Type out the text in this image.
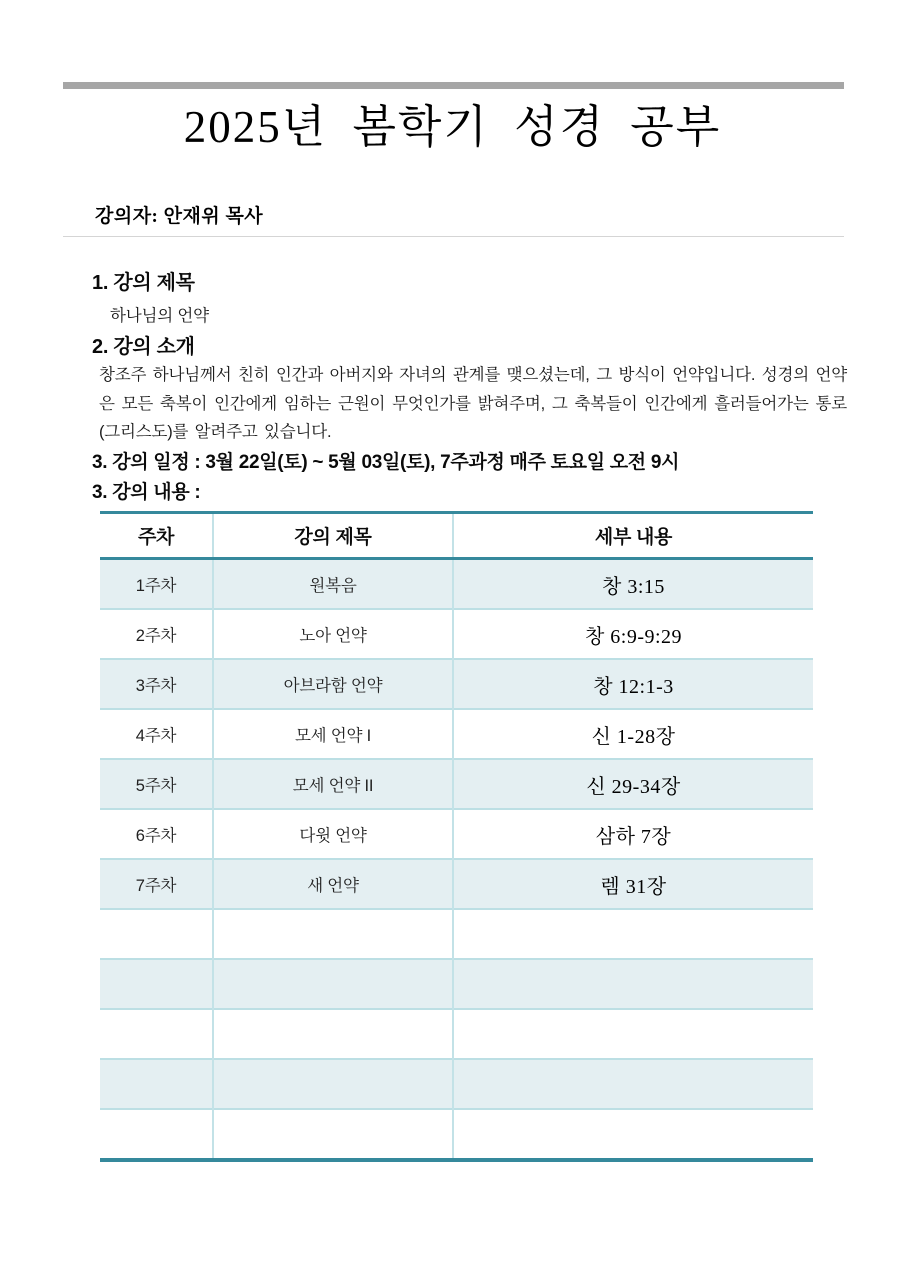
2025년 봄학기 성경 공부
강의자: 안재위 목사
1. 강의 제목
하나님의 언약
2. 강의 소개
창조주 하나님께서 친히 인간과 아버지와 자녀의 관계를 맺으셨는데, 그 방식이 언약입니다. 성경의 언약은 모든 축복이 인간에게 임하는 근원이 무엇인가를 밝혀주며, 그 축복들이 인간에게 흘러들어가는 통로(그리스도)를 알려주고 있습니다.
3. 강의 일정 : 3월 22일(토) ~ 5월 03일(토), 7주과정 매주 토요일 오전 9시
3. 강의 내용 :
주차	강의 제목	세부 내용
1주차	원복음	창 3:15
2주차	노아 언약	창 6:9-9:29
3주차	아브라함 언약	창 12:1-3
4주차	모세 언약 I	신 1-28장
5주차	모세 언약 II	신 29-34장
6주차	다윗 언약	삼하 7장
7주차	새 언약	렘 31장
